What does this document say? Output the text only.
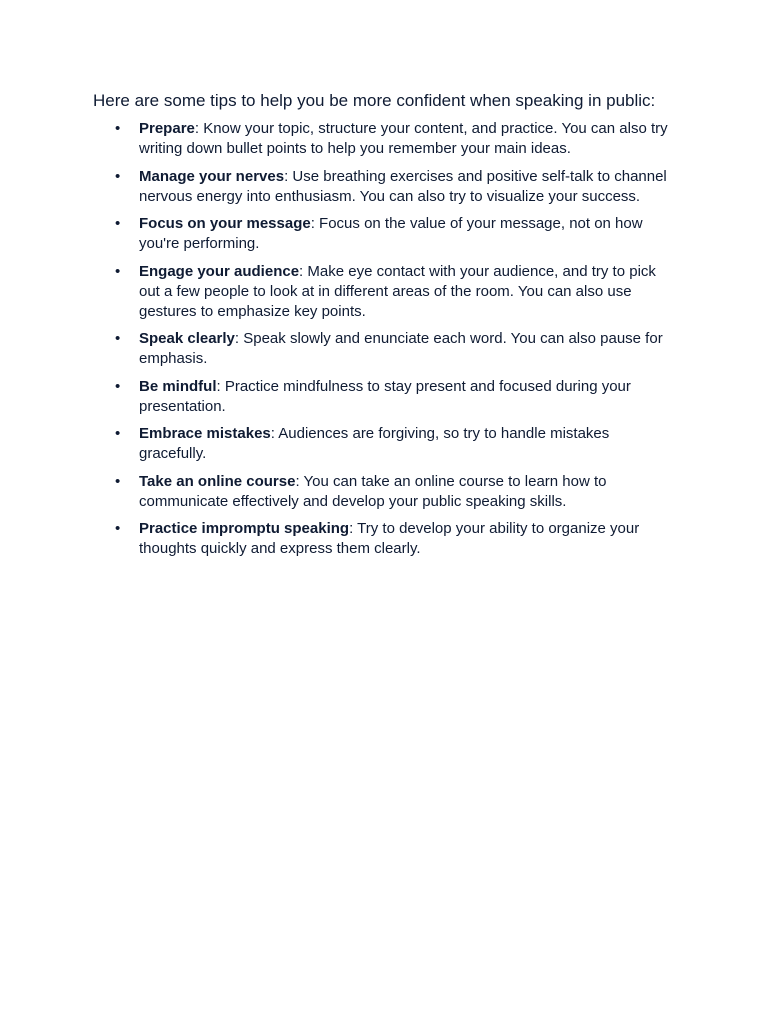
Here are some tips to help you be more confident when speaking in public:

• Prepare: Know your topic, structure your content, and practice. You can also try writing down bullet points to help you remember your main ideas.
• Manage your nerves: Use breathing exercises and positive self-talk to channel nervous energy into enthusiasm. You can also try to visualize your success.
• Focus on your message: Focus on the value of your message, not on how you're performing.
• Engage your audience: Make eye contact with your audience, and try to pick out a few people to look at in different areas of the room. You can also use gestures to emphasize key points.
• Speak clearly: Speak slowly and enunciate each word. You can also pause for emphasis.
• Be mindful: Practice mindfulness to stay present and focused during your presentation.
• Embrace mistakes: Audiences are forgiving, so try to handle mistakes gracefully.
• Take an online course: You can take an online course to learn how to communicate effectively and develop your public speaking skills.
• Practice impromptu speaking: Try to develop your ability to organize your thoughts quickly and express them clearly.
